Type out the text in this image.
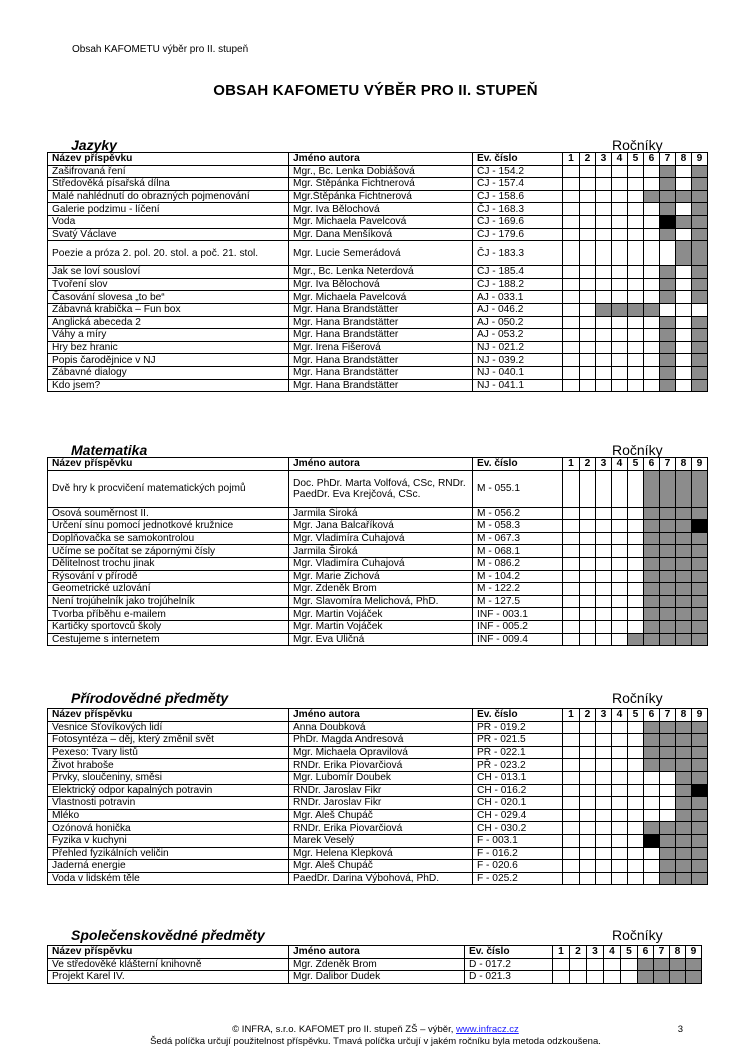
Obsah KAFOMETU výběr pro II. stupeň
OBSAH KAFOMETU VÝBĚR PRO II. STUPEŇ
Jazyky	Ročníky
Název příspěvku	Jméno autora	Ev. číslo	1	2	3	4	5	6	7	8	9
Zašifrovaná ření	Mgr., Bc. Lenka Dobiášová	ČJ - 154.2									
Středověká písařská dílna	Mgr. Štěpánka Fichtnerová	ČJ - 157.4									
Malé nahlédnutí do obrazných pojmenování	Mgr.Štěpánka Fichtnerová	ČJ - 158.6									
Galerie podzimu - líčení	Mgr. Iva Bělochová	ČJ - 168.3									
Voda	Mgr. Michaela Pavelcová	ČJ - 169.6									
Svatý Václave	Mgr. Dana Menšíková	ČJ - 179.6									
Poezie a próza 2. pol. 20. stol. a poč. 21. stol.	Mgr. Lucie Semerádová	ČJ - 183.3									
Jak se loví sousloví	Mgr., Bc. Lenka Neterdová	ČJ - 185.4									
Tvoření slov	Mgr. Iva Bělochová	ČJ - 188.2									
Časování slovesa „to be“	Mgr. Michaela Pavelcová	AJ - 033.1									
Zábavná krabička – Fun box	Mgr. Hana Brandstätter	AJ - 046.2									
Anglická abeceda 2	Mgr. Hana Brandstätter	AJ - 050.2									
Váhy a míry	Mgr. Hana Brandstätter	AJ - 053.2									
Hry bez hranic	Mgr. Irena Fišerová	NJ - 021.2									
Popis čarodějnice v NJ	Mgr. Hana Brandstätter	NJ - 039.2									
Zábavné dialogy	Mgr. Hana Brandstätter	NJ - 040.1									
Kdo jsem?	Mgr. Hana Brandstätter	NJ - 041.1									
Matematika	Ročníky
Název příspěvku	Jméno autora	Ev. číslo	1	2	3	4	5	6	7	8	9
Dvě hry k procvičení matematických pojmů	Doc. PhDr. Marta Volfová, CSc, RNDr. PaedDr. Eva Krejčová, CSc.	M - 055.1									
Osová souměrnost II.	Jarmila Široká	M - 056.2									
Určení sínu pomocí jednotkové kružnice	Mgr. Jana Balcaříková	M - 058.3									
Doplňovačka se samokontrolou	Mgr. Vladimíra Čuhajová	M - 067.3									
Učíme se počítat se zápornými čísly	Jarmila Široká	M - 068.1									
Dělitelnost trochu jinak	Mgr. Vladimíra Čuhajová	M - 086.2									
Rýsování v přírodě	Mgr. Marie Zichová	M - 104.2									
Geometrické uzlování	Mgr. Zdeněk Brom	M - 122.2									
Není trojúhelník jako trojúhelník	Mgr. Slavomíra Melichová, PhD.	M - 127.5									
Tvorba příběhu e-mailem	Mgr. Martin Vojáček	INF - 003.1									
Kartičky sportovců školy	Mgr. Martin Vojáček	INF - 005.2									
Cestujeme s internetem	Mgr. Eva Uličná	INF - 009.4									
Přírodovědné předměty	Ročníky
Název příspěvku	Jméno autora	Ev. číslo	1	2	3	4	5	6	7	8	9
Vesnice Šťovíkových lidí	Anna Doubková	PŘ - 019.2									
Fotosyntéza – děj, který změnil svět	PhDr. Magda Andresová	PŘ - 021.5									
Pexeso: Tvary listů	Mgr. Michaela Opravilová	PŘ - 022.1									
Život hraboše	RNDr. Erika Piovarčiová	PŘ - 023.2									
Prvky, sloučeniny, směsi	Mgr. Lubomír Doubek	CH - 013.1									
Elektrický odpor kapalných potravin	RNDr. Jaroslav Fikr	CH - 016.2									
Vlastnosti potravin	RNDr. Jaroslav Fikr	CH - 020.1									
Mléko	Mgr. Aleš Chupáč	CH - 029.4									
Ozónová honička	RNDr. Erika Piovarčiová	CH - 030.2									
Fyzika v kuchyni	Marek Veselý	F - 003.1									
Přehled fyzikálních veličin	Mgr. Helena Klepková	F - 016.2									
Jaderná energie	Mgr. Aleš Chupáč	F - 020.6									
Voda v lidském těle	PaedDr. Darina Výbohová, PhD.	F - 025.2									
Společenskovědné předměty	Ročníky
Název příspěvku	Jméno autora	Ev. číslo	1	2	3	4	5	6	7	8	9
Ve středověké klášterní knihovně	Mgr. Zdeněk Brom	D - 017.2									
Projekt Karel IV.	Mgr. Dalibor Dudek	D - 021.3									
© INFRA, s.r.o. KAFOMET pro II. stupeň ZŠ – výběr, www.infracz.cz
Šedá políčka určují použitelnost příspěvku. Tmavá políčka určují v jakém ročníku byla metoda odzkoušena.
3
